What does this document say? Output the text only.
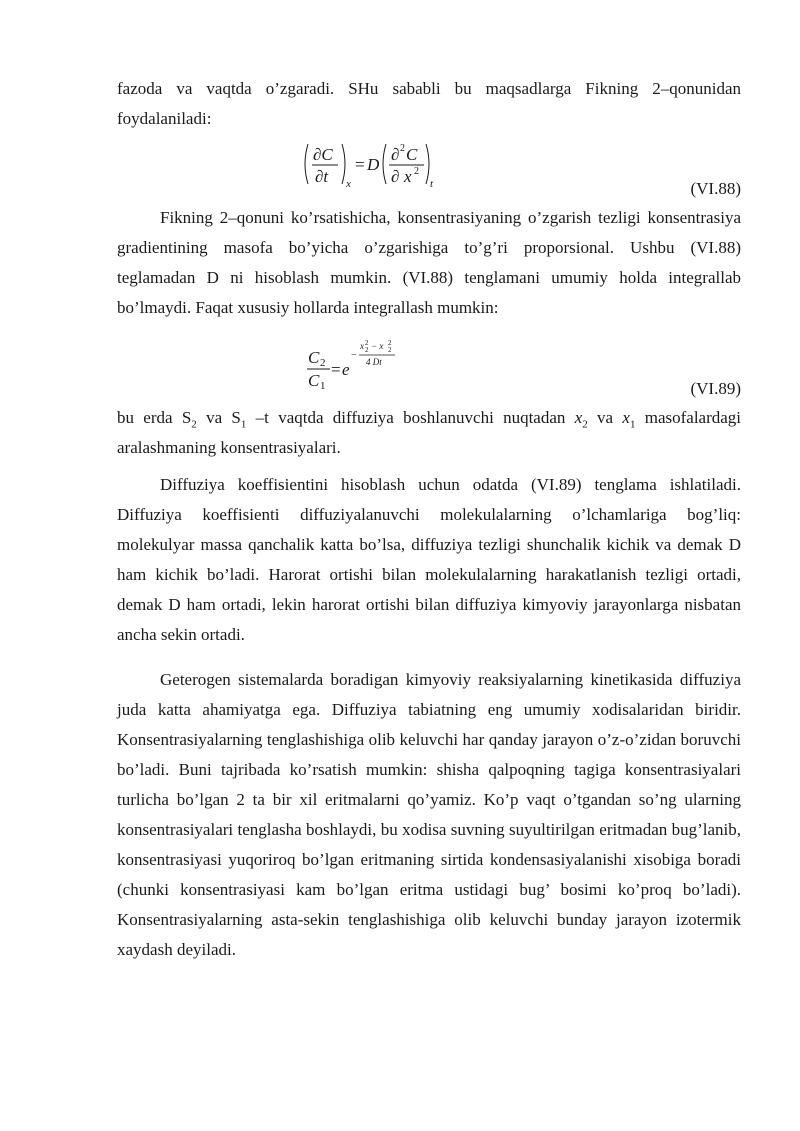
fazoda va vaqtda o’zgaradi. SHu sababli bu maqsadlarga Fikning 2–qonunidan foydalaniladi:

∂C
∂t x
= D
∂ 2 C
∂ x 2
t	(VI.88)

Fikning 2–qonuni ko’rsatishicha, konsentrasiyaning o’zgarish tezligi konsentrasiya gradientining masofa bo’yicha o’zgarishiga to’g’ri proporsional. Ushbu (VI.88) teglamadan D ni hisoblash mumkin. (VI.88) tenglamani umumiy holda integrallab bo’lmaydi. Faqat xususiy hollarda integrallash mumkin:

C 2
C 1
= e
−
x 2
2 − x 2
2
4 Dt
(VI.89)

bu erda $S_2$ va $S_1$ –t vaqtda diffuziya boshlanuvchi nuqtadan $x_2$ va $x_1$ masofalardagi aralashmaning konsentrasiyalari.

Diffuziya koeffisientini hisoblash uchun odatda (VI.89) tenglama ishlatiladi. Diffuziya koeffisienti diffuziyalanuvchi molekulalarning o’lchamlariga bog’liq: molekulyar massa qanchalik katta bo’lsa, diffuziya tezligi shunchalik kichik va demak D ham kichik bo’ladi. Harorat ortishi bilan molekulalarning harakatlanish tezligi ortadi, demak D ham ortadi, lekin harorat ortishi bilan diffuziya kimyoviy jarayonlarga nisbatan ancha sekin ortadi.

Geterogen sistemalarda boradigan kimyoviy reaksiyalarning kinetikasida diffuziya juda katta ahamiyatga ega. Diffuziya tabiatning eng umumiy xodisalaridan biridir. Konsentrasiyalarning tenglashishiga olib keluvchi har qanday jarayon o’z-o’zidan boruvchi bo’ladi. Buni tajribada ko’rsatish mumkin: shisha qalpoqning tagiga konsentrasiyalari turlicha bo’lgan 2 ta bir xil eritmalarni qo’yamiz. Ko’p vaqt o’tgandan so’ng ularning konsentrasiyalari tenglasha boshlaydi, bu xodisa suvning suyultirilgan eritmadan bug’lanib, konsentrasiyasi yuqoriroq bo’lgan eritmaning sirtida kondensasiyalanishi xisobiga boradi (chunki konsentrasiyasi kam bo’lgan eritma ustidagi bug’ bosimi ko’proq bo’ladi). Konsentrasiyalarning asta-sekin tenglashishiga olib keluvchi bunday jarayon izotermik xaydash deyiladi.
